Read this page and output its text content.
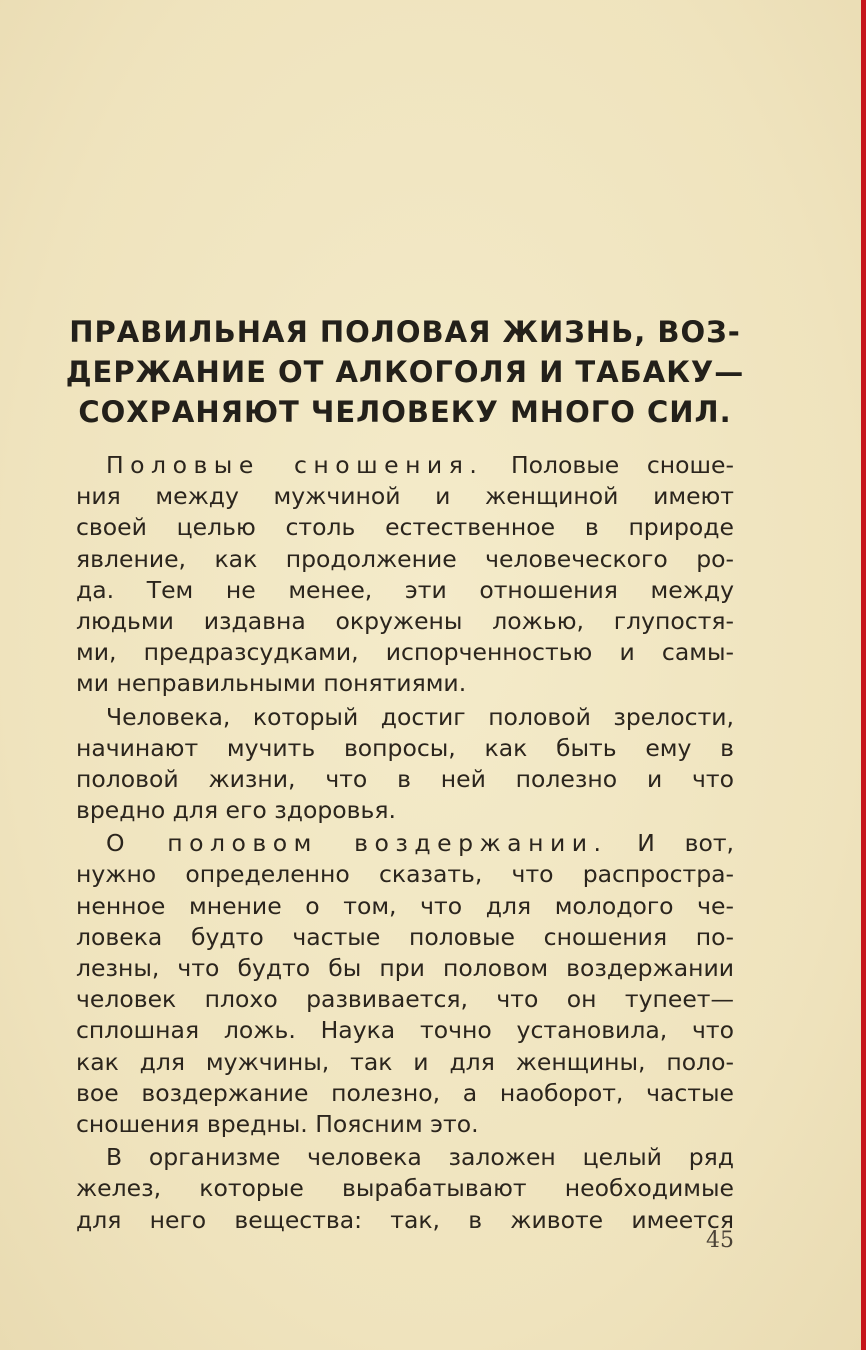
ПРАВИЛЬНАЯ ПОЛОВАЯ ЖИЗНЬ, ВОЗ-
ДЕРЖАНИЕ ОТ АЛКОГОЛЯ И ТАБАКУ—
СОХРАНЯЮТ ЧЕЛОВЕКУ МНОГО СИЛ.
Половые сношения. Половые сноше-
ния между мужчиной и женщиной имеют
своей целью столь естественное в природе
явление, как продолжение человеческого ро-
да. Тем не менее, эти отношения между
людьми издавна окружены ложью, глупостя-
ми, предразсудками, испорченностью и самы-
ми неправильными понятиями.
Человека, который достиг половой зрелости,
начинают мучить вопросы, как быть ему в
половой жизни, что в ней полезно и что
вредно для его здоровья.
О половом воздержании. И вот,
нужно определенно сказать, что распростра-
ненное мнение о том, что для молодого че-
ловека будто частые половые сношения по-
лезны, что будто бы при половом воздержании
человек плохо развивается, что он тупеет—
сплошная ложь. Наука точно установила, что
как для мужчины, так и для женщины, поло-
вое воздержание полезно, а наоборот, частые
сношения вредны. Поясним это.
В организме человека заложен целый ряд
желез, которые вырабатывают необходимые
для него вещества: так, в животе имеется
45
